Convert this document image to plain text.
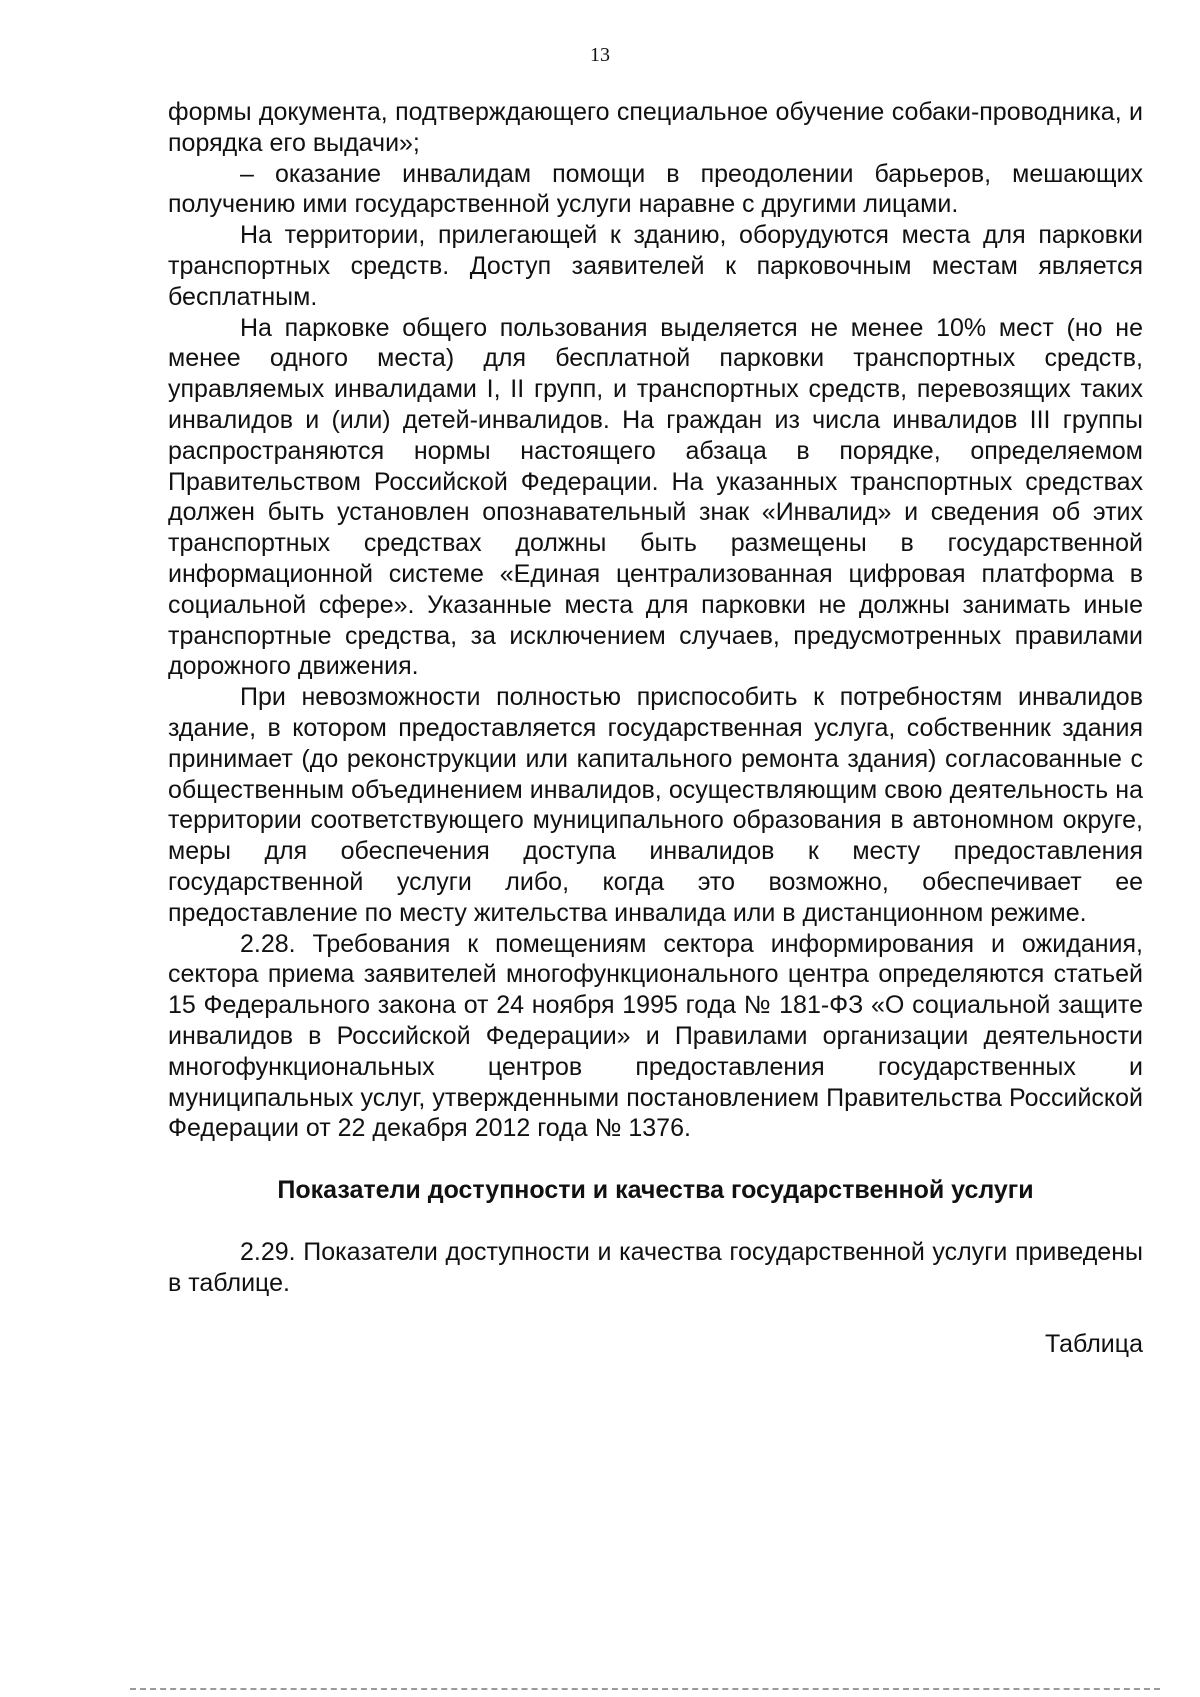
13

формы документа, подтверждающего специальное обучение собаки-проводника, и порядка его выдачи»;

– оказание инвалидам помощи в преодолении барьеров, мешающих получению ими государственной услуги наравне с другими лицами.

На территории, прилегающей к зданию, оборудуются места для парковки транспортных средств. Доступ заявителей к парковочным местам является бесплатным.

На парковке общего пользования выделяется не менее 10% мест (но не менее одного места) для бесплатной парковки транспортных средств, управляемых инвалидами I, II групп, и транспортных средств, перевозящих таких инвалидов и (или) детей-инвалидов. На граждан из числа инвалидов III группы распространяются нормы настоящего абзаца в порядке, определяемом Правительством Российской Федерации. На указанных транспортных средствах должен быть установлен опознавательный знак «Инвалид» и сведения об этих транспортных средствах должны быть размещены в государственной информационной системе «Единая централизованная цифровая платформа в социальной сфере». Указанные места для парковки не должны занимать иные транспортные средства, за исключением случаев, предусмотренных правилами дорожного движения.

При невозможности полностью приспособить к потребностям инвалидов здание, в котором предоставляется государственная услуга, собственник здания принимает (до реконструкции или капитального ремонта здания) согласованные с общественным объединением инвалидов, осуществляющим свою деятельность на территории соответствующего муниципального образования в автономном округе, меры для обеспечения доступа инвалидов к месту предоставления государственной услуги либо, когда это возможно, обеспечивает ее предоставление по месту жительства инвалида или в дистанционном режиме.

2.28. Требования к помещениям сектора информирования и ожидания, сектора приема заявителей многофункционального центра определяются статьей 15 Федерального закона от 24 ноября 1995 года № 181-ФЗ «О социальной защите инвалидов в Российской Федерации» и Правилами организации деятельности многофункциональных центров предоставления государственных и муниципальных услуг, утвержденными постановлением Правительства Российской Федерации от 22 декабря 2012 года № 1376.

Показатели доступности и качества государственной услуги

2.29. Показатели доступности и качества государственной услуги приведены в таблице.

Таблица
